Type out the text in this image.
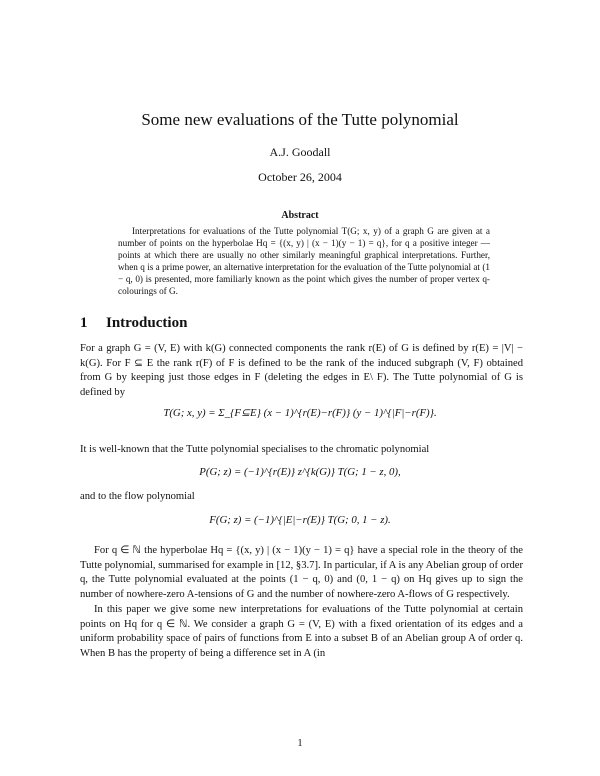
Some new evaluations of the Tutte polynomial
A.J. Goodall
October 26, 2004
Abstract
Interpretations for evaluations of the Tutte polynomial T(G; x, y) of a graph G are given at a number of points on the hyperbolae Hq = {(x, y) | (x − 1)(y − 1) = q}, for q a positive integer — points at which there are usually no other similarly meaningful graphical interpretations. Further, when q is a prime power, an alternative interpretation for the evaluation of the Tutte polynomial at (1 − q, 0) is presented, more familiarly known as the point which gives the number of proper vertex q-colourings of G.
1 Introduction
For a graph G = (V, E) with k(G) connected components the rank r(E) of G is defined by r(E) = |V| − k(G). For F ⊆ E the rank r(F) of F is defined to be the rank of the induced subgraph (V, F) obtained from G by keeping just those edges in F (deleting the edges in E\ F). The Tutte polynomial of G is defined by
T(G; x, y) = Σ_{F⊆E} (x − 1)^{r(E)−r(F)} (y − 1)^{|F|−r(F)}.
It is well-known that the Tutte polynomial specialises to the chromatic polynomial
P(G; z) = (−1)^{r(E)} z^{k(G)} T(G; 1 − z, 0),
and to the flow polynomial
F(G; z) = (−1)^{|E|−r(E)} T(G; 0, 1 − z).
For q ∈ ℕ the hyperbolae Hq = {(x, y) | (x − 1)(y − 1) = q} have a special role in the theory of the Tutte polynomial, summarised for example in [12, §3.7]. In particular, if A is any Abelian group of order q, the Tutte polynomial evaluated at the points (1 − q, 0) and (0, 1 − q) on Hq gives up to sign the number of nowhere-zero A-tensions of G and the number of nowhere-zero A-flows of G respectively.
In this paper we give some new interpretations for evaluations of the Tutte polynomial at certain points on Hq for q ∈ ℕ. We consider a graph G = (V, E) with a fixed orientation of its edges and a uniform probability space of pairs of functions from E into a subset B of an Abelian group A of order q. When B has the property of being a difference set in A (in
1
